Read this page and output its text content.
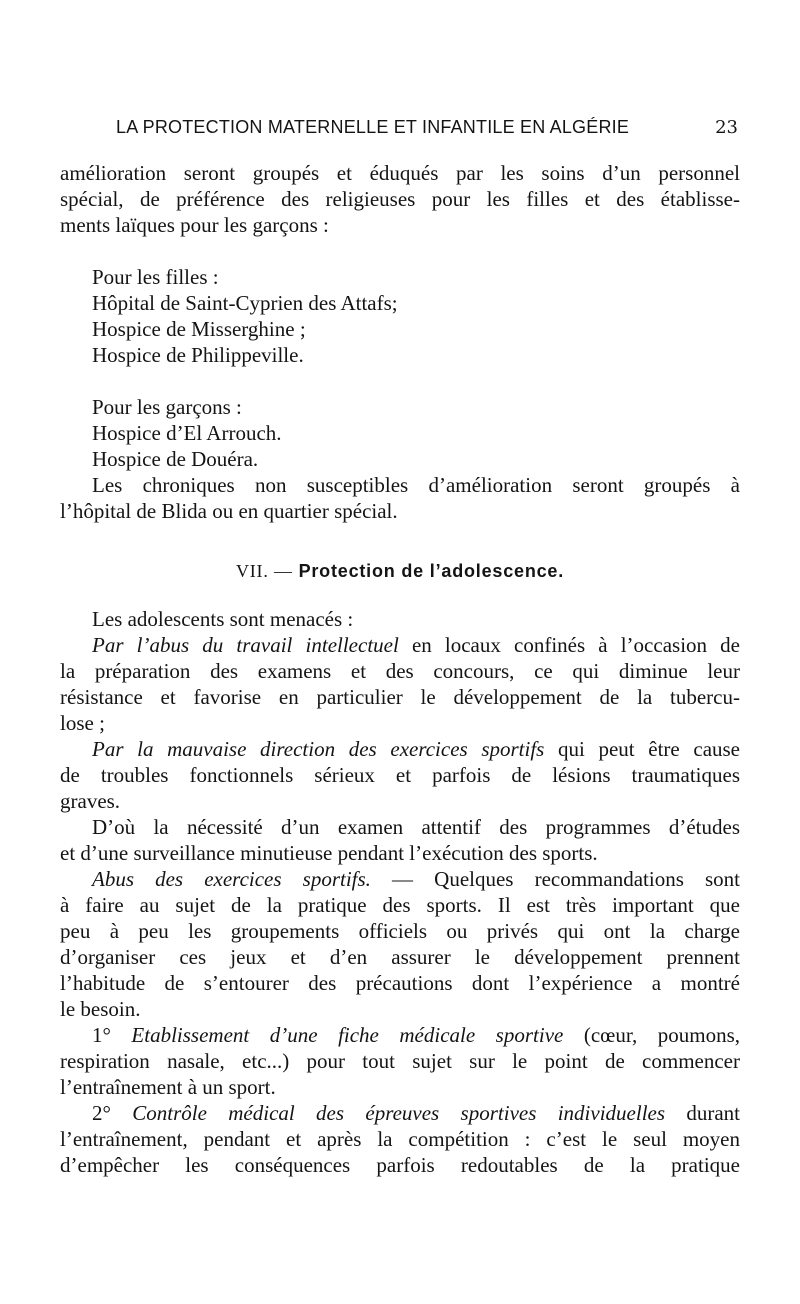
LA PROTECTION MATERNELLE ET INFANTILE EN ALGÉRIE	23
amélioration seront groupés et éduqués par les soins d’un personnel
spécial, de préférence des religieuses pour les filles et des établisse-
ments laïques pour les garçons :
Pour les filles :
Hôpital de Saint-Cyprien des Attafs;
Hospice de Misserghine ;
Hospice de Philippeville.
Pour les garçons :
Hospice d’El Arrouch.
Hospice de Douéra.
Les chroniques non susceptibles d’amélioration seront groupés à
l’hôpital de Blida ou en quartier spécial.
VII. — Protection de l’adolescence.
Les adolescents sont menacés :
Par l’abus du travail intellectuel en locaux confinés à l’occasion de
la préparation des examens et des concours, ce qui diminue leur
résistance et favorise en particulier le développement de la tubercu-
lose ;
Par la mauvaise direction des exercices sportifs qui peut être cause
de troubles fonctionnels sérieux et parfois de lésions traumatiques
graves.
D’où la nécessité d’un examen attentif des programmes d’études
et d’une surveillance minutieuse pendant l’exécution des sports.
Abus des exercices sportifs. — Quelques recommandations sont
à faire au sujet de la pratique des sports. Il est très important que
peu à peu les groupements officiels ou privés qui ont la charge
d’organiser ces jeux et d’en assurer le développement prennent
l’habitude de s’entourer des précautions dont l’expérience a montré
le besoin.
1° Etablissement d’une fiche médicale sportive (cœur, poumons,
respiration nasale, etc...) pour tout sujet sur le point de commencer
l’entraînement à un sport.
2° Contrôle médical des épreuves sportives individuelles durant
l’entraînement, pendant et après la compétition : c’est le seul moyen
d’empêcher les conséquences parfois redoutables de la pratique
